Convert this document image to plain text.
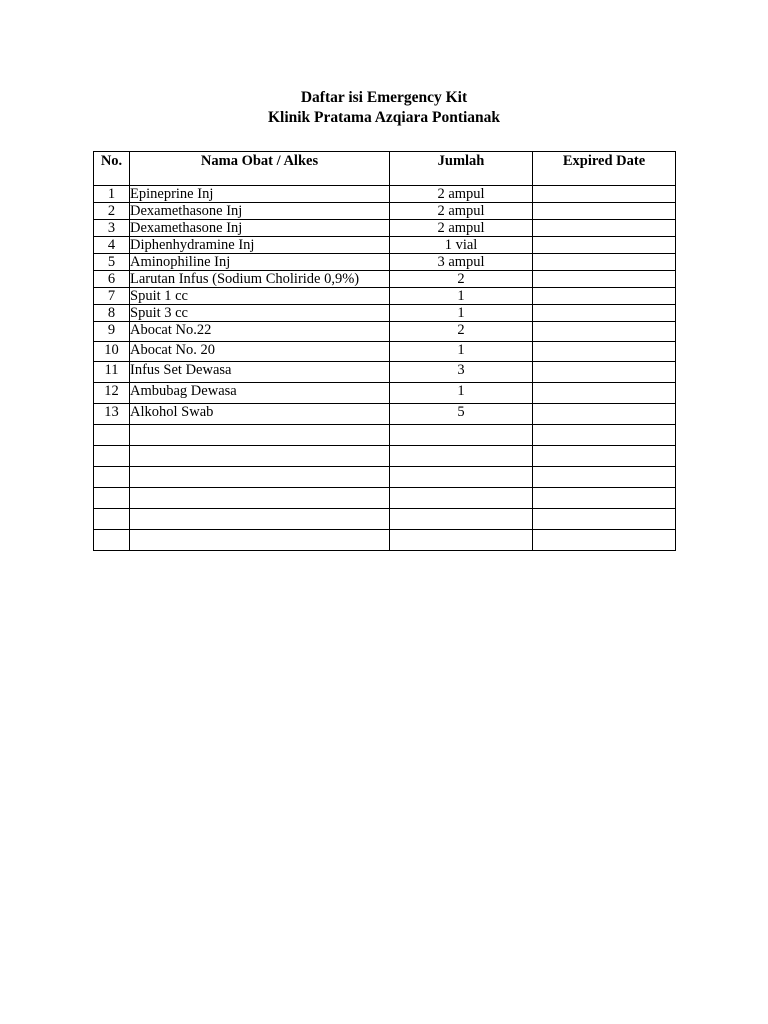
Daftar isi Emergency Kit
Klinik Pratama Azqiara Pontianak
No.	Nama Obat / Alkes	Jumlah	Expired Date
1	Epineprine Inj	2 ampul	
2	Dexamethasone Inj	2 ampul	
3	Dexamethasone Inj	2 ampul	
4	Diphenhydramine Inj	1 vial	
5	Aminophiline Inj	3 ampul	
6	Larutan Infus (Sodium Choliride 0,9%)	2	
7	Spuit 1 cc	1	
8	Spuit 3 cc	1	
9	Abocat No.22	2	
10	Abocat No. 20	1	
11	Infus Set Dewasa	3	
12	Ambubag Dewasa	1	
13	Alkohol Swab	5	
